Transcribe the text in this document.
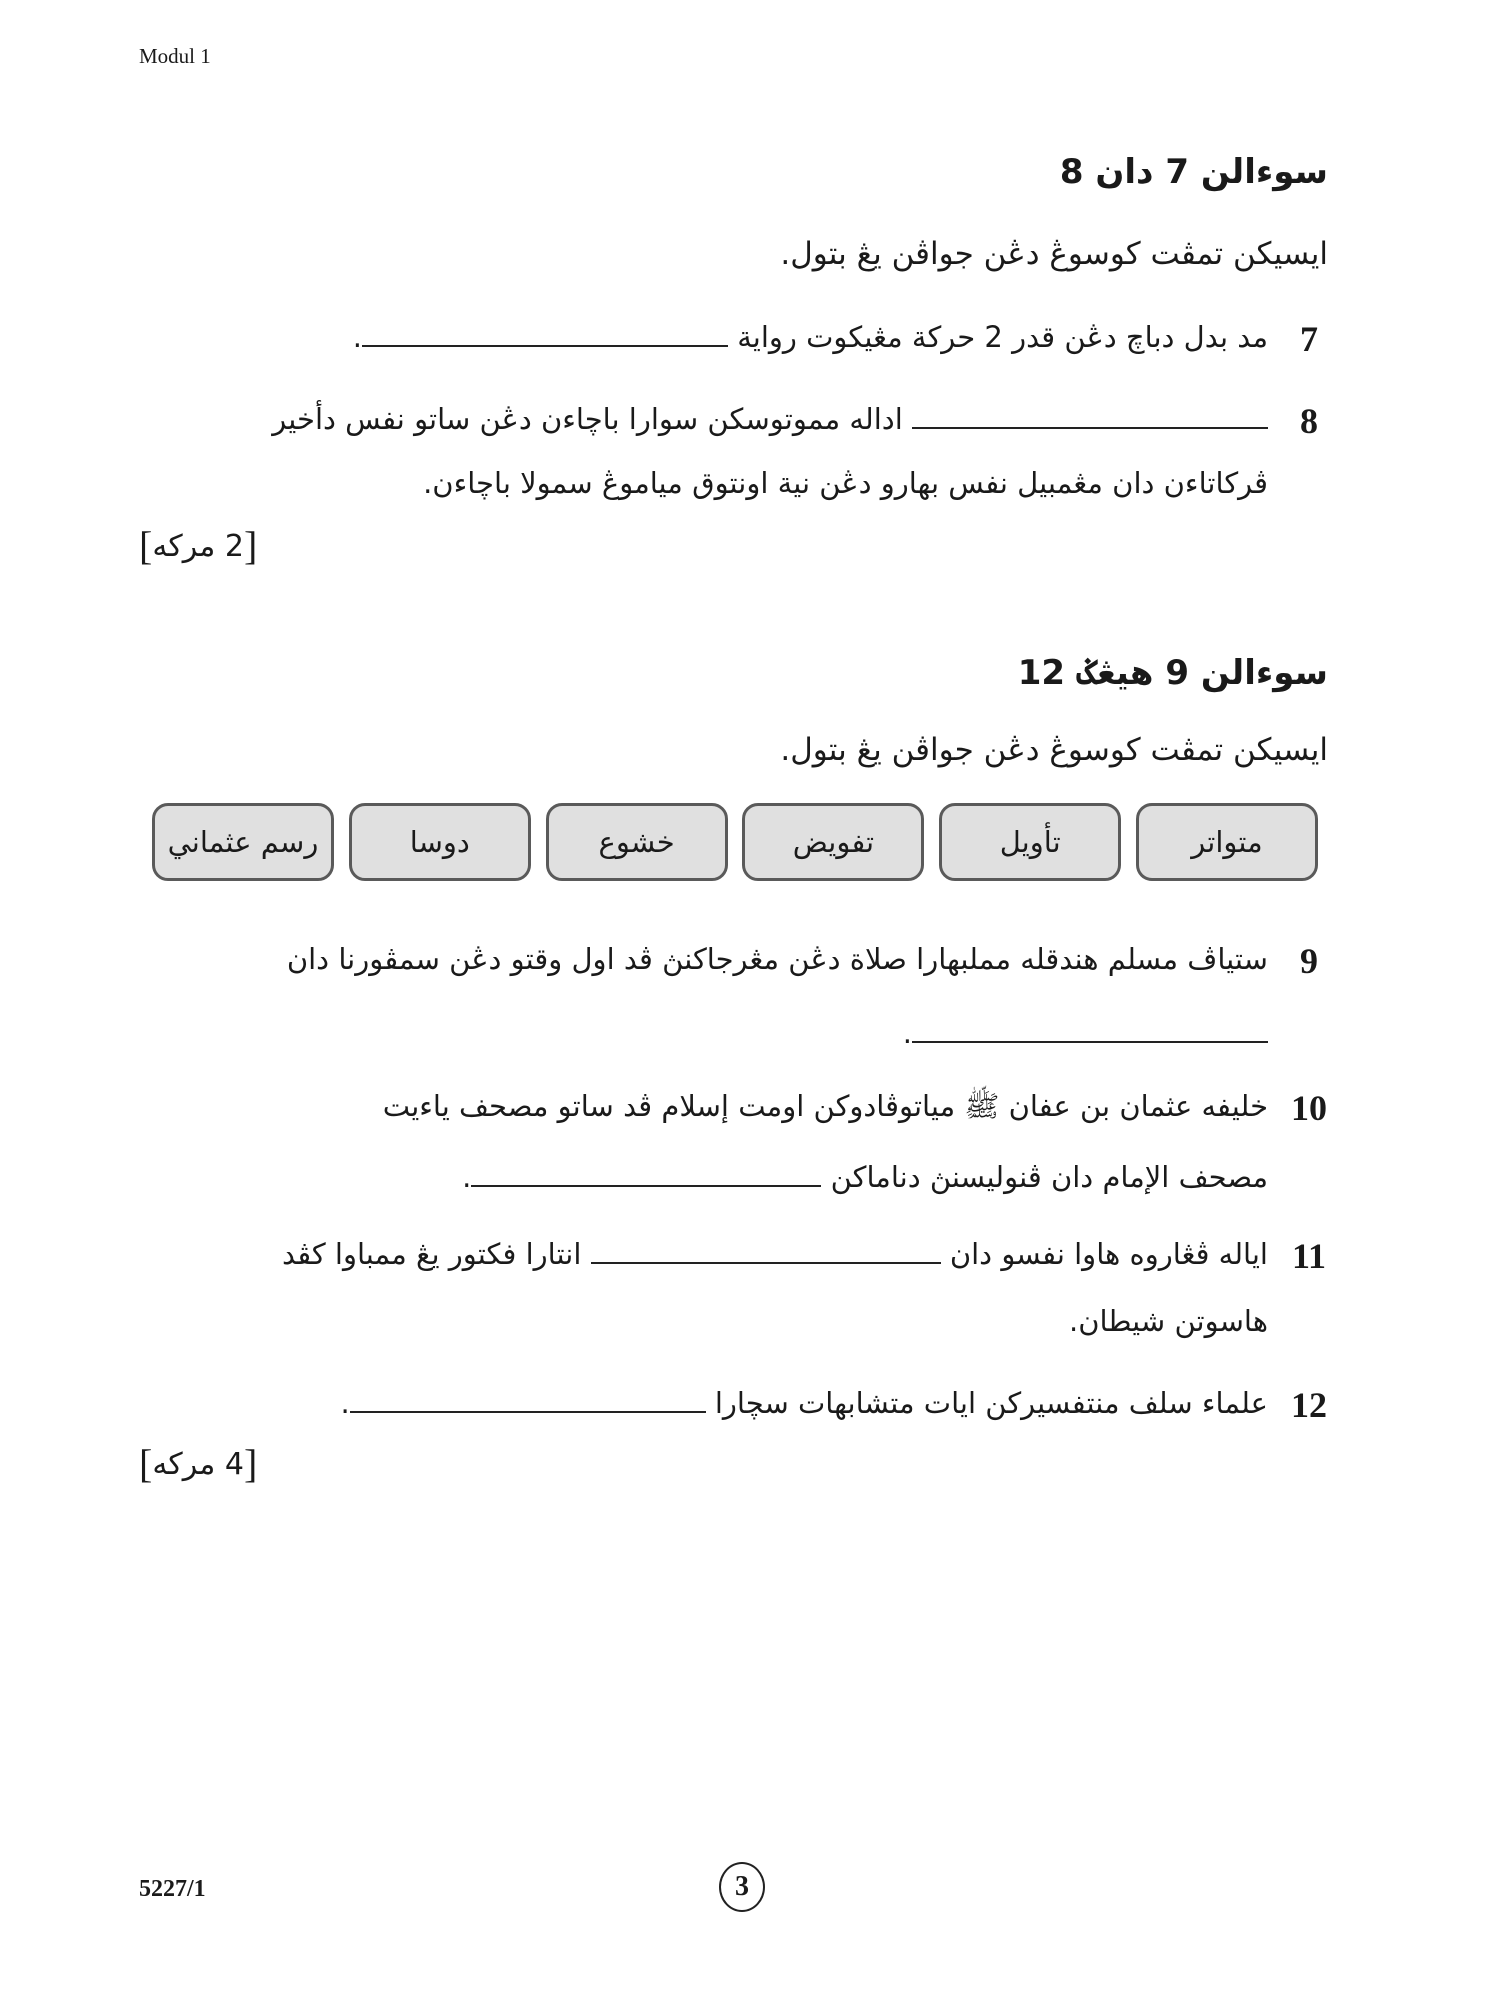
Modul 1
سوءالن 7 دان 8
ايسيکن تمڤت کوسوڠ دڠن جواڤن يڠ بتول.
7
مد بدل دباچ دڠن قدر 2 حرکة مڠيکوت رواية .
8
اداله مموتوسکن سوارا باچاءن دڠن ساتو نفس دأخير
ڤرکاتاءن دان مڠمبيل نفس بهارو دڠن نية اونتوق مياموڠ سمولا باچاءن.
[2 مرکه]
سوءالن 9 هيڠݢ 12
ايسيکن تمڤت کوسوڠ دڠن جواڤن يڠ بتول.
متواتر
تأويل
تفويض
خشوع
دوسا
رسم عثماني
9
ستياڤ مسلم هندقله مملبهارا صلاة دڠن مڠرجاکنڽ ڤد اول وقتو دڠن سمڤورنا دان
.
10
خليفه عثمان بن عفان ﷺ مياتوڤادوکن اومت إسلام ڤد ساتو مصحف ياءيت
مصحف الإمام دان ڤنوليسنڽ دناماکن .
11
اياله ڤڠاروه هاوا نفسو دان  انتارا فکتور يڠ ممباوا کڤد
هاسوتن شيطان.
12
علماء سلف منتفسيرکن ايات متشابهات سچارا .
[4 مرکه]
5227/1	3
